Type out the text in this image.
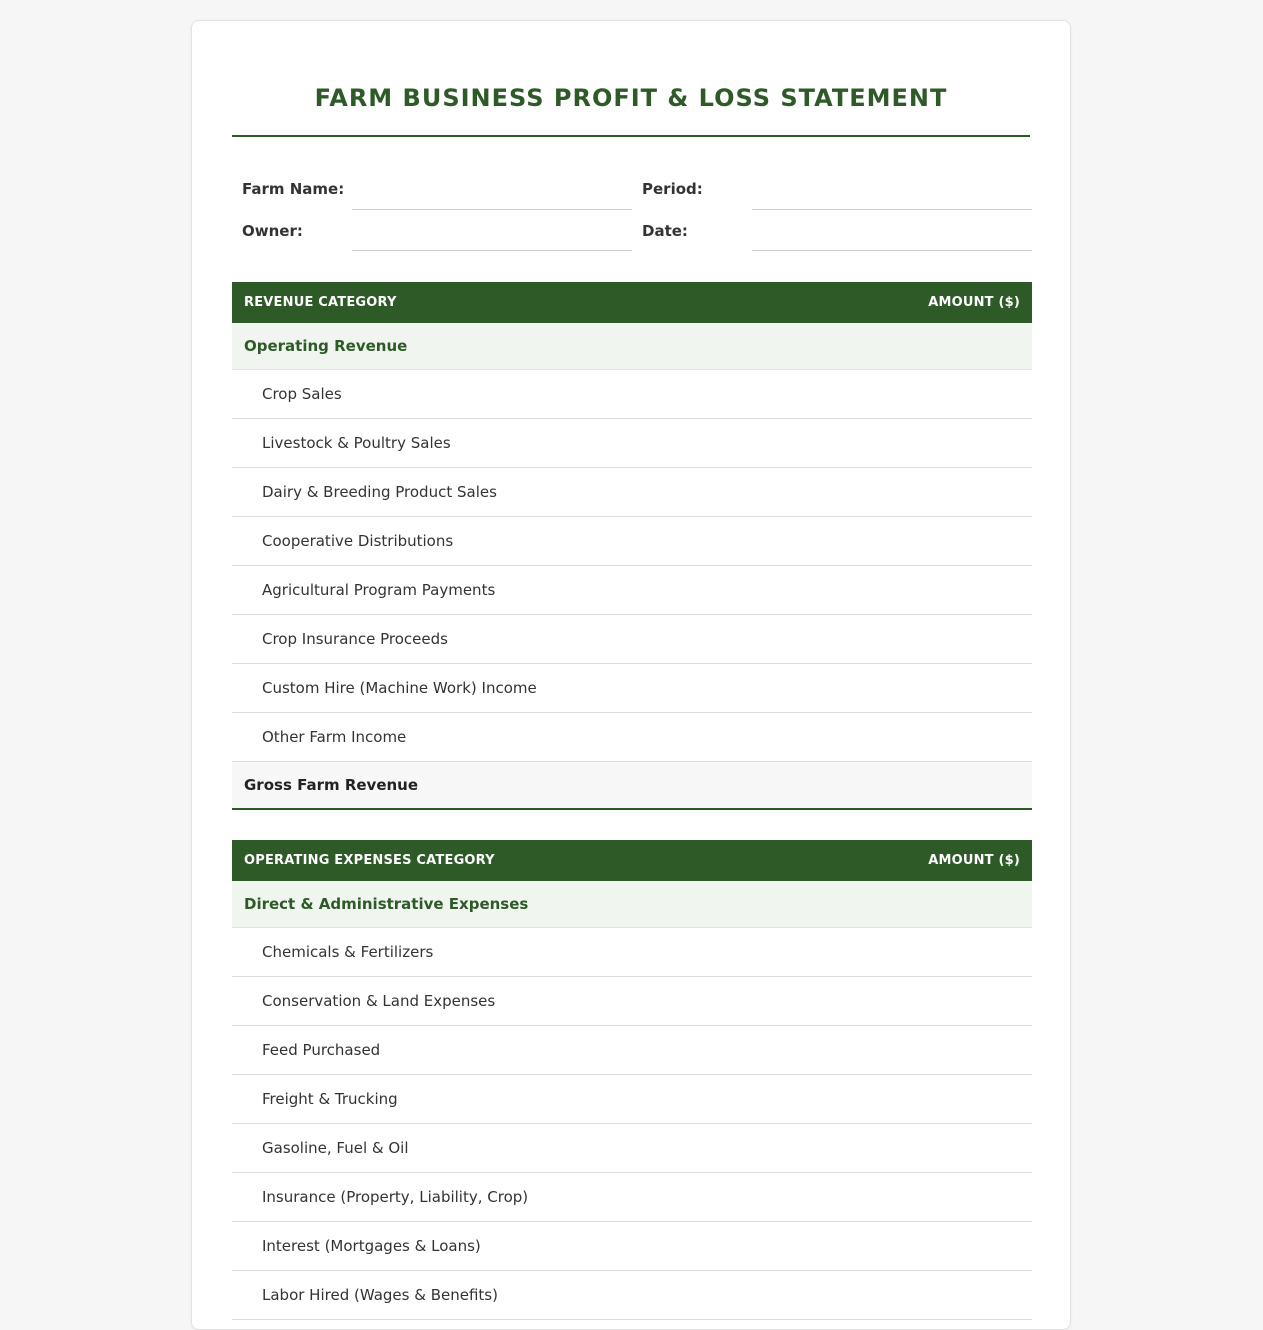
FARM BUSINESS PROFIT & LOSS STATEMENT
Farm Name:	Period:
Owner:	Date:
REVENUE CATEGORY	AMOUNT ($)
Operating Revenue	
Crop Sales	
Livestock & Poultry Sales	
Dairy & Breeding Product Sales	
Cooperative Distributions	
Agricultural Program Payments	
Crop Insurance Proceeds	
Custom Hire (Machine Work) Income	
Other Farm Income	
Gross Farm Revenue	
OPERATING EXPENSES CATEGORY	AMOUNT ($)
Direct & Administrative Expenses	
Chemicals & Fertilizers	
Conservation & Land Expenses	
Feed Purchased	
Freight & Trucking	
Gasoline, Fuel & Oil	
Insurance (Property, Liability, Crop)	
Interest (Mortgages & Loans)	
Labor Hired (Wages & Benefits)	
